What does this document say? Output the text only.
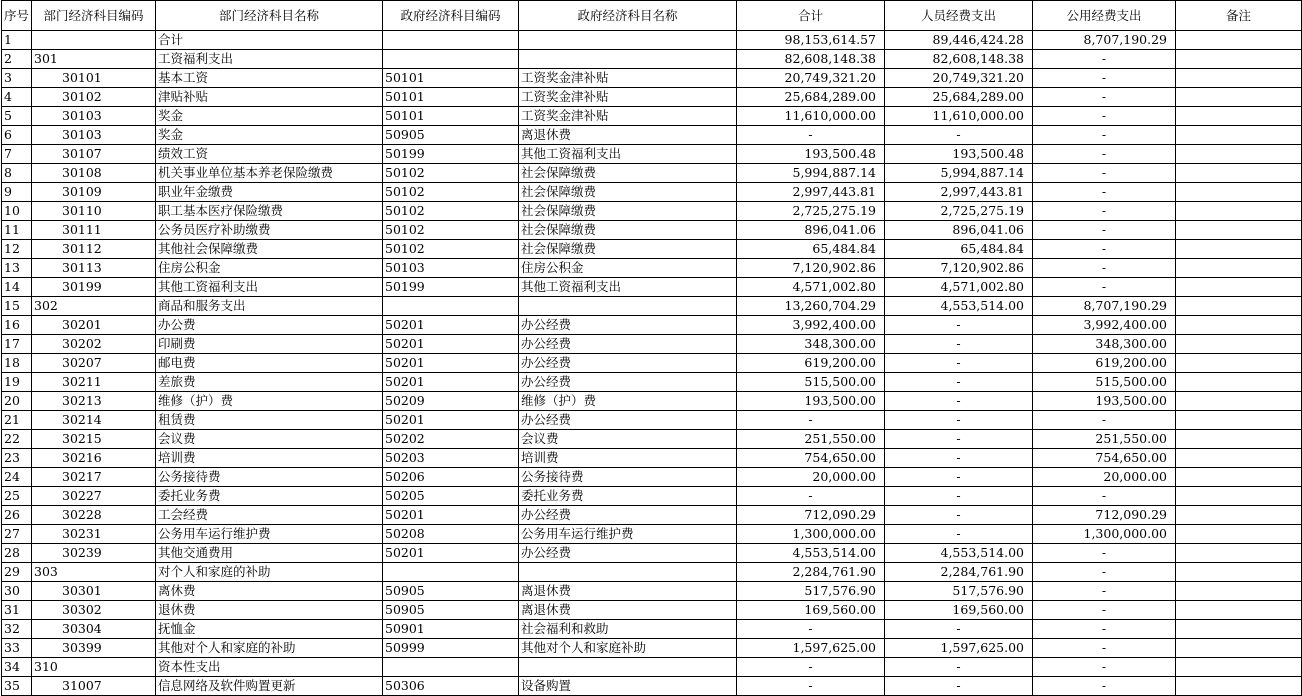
序号	部门经济科目编码	部门经济科目名称	政府经济科目编码	政府经济科目名称	合计	人员经费支出	公用经费支出	备注
1		合计			98,153,614.57	89,446,424.28	8,707,190.29	
2	301	工资福利支出			82,608,148.38	82,608,148.38	-	
3	30101	基本工资	50101	工资奖金津补贴	20,749,321.20	20,749,321.20	-	
4	30102	津贴补贴	50101	工资奖金津补贴	25,684,289.00	25,684,289.00	-	
5	30103	奖金	50101	工资奖金津补贴	11,610,000.00	11,610,000.00	-	
6	30103	奖金	50905	离退休费	-	-	-	
7	30107	绩效工资	50199	其他工资福利支出	193,500.48	193,500.48	-	
8	30108	机关事业单位基本养老保险缴费	50102	社会保障缴费	5,994,887.14	5,994,887.14	-	
9	30109	职业年金缴费	50102	社会保障缴费	2,997,443.81	2,997,443.81	-	
10	30110	职工基本医疗保险缴费	50102	社会保障缴费	2,725,275.19	2,725,275.19	-	
11	30111	公务员医疗补助缴费	50102	社会保障缴费	896,041.06	896,041.06	-	
12	30112	其他社会保障缴费	50102	社会保障缴费	65,484.84	65,484.84	-	
13	30113	住房公积金	50103	住房公积金	7,120,902.86	7,120,902.86	-	
14	30199	其他工资福利支出	50199	其他工资福利支出	4,571,002.80	4,571,002.80	-	
15	302	商品和服务支出			13,260,704.29	4,553,514.00	8,707,190.29	
16	30201	办公费	50201	办公经费	3,992,400.00	-	3,992,400.00	
17	30202	印刷费	50201	办公经费	348,300.00	-	348,300.00	
18	30207	邮电费	50201	办公经费	619,200.00	-	619,200.00	
19	30211	差旅费	50201	办公经费	515,500.00	-	515,500.00	
20	30213	维修（护）费	50209	维修（护）费	193,500.00	-	193,500.00	
21	30214	租赁费	50201	办公经费	-	-	-	
22	30215	会议费	50202	会议费	251,550.00	-	251,550.00	
23	30216	培训费	50203	培训费	754,650.00	-	754,650.00	
24	30217	公务接待费	50206	公务接待费	20,000.00	-	20,000.00	
25	30227	委托业务费	50205	委托业务费	-	-	-	
26	30228	工会经费	50201	办公经费	712,090.29	-	712,090.29	
27	30231	公务用车运行维护费	50208	公务用车运行维护费	1,300,000.00	-	1,300,000.00	
28	30239	其他交通费用	50201	办公经费	4,553,514.00	4,553,514.00	-	
29	303	对个人和家庭的补助			2,284,761.90	2,284,761.90	-	
30	30301	离休费	50905	离退休费	517,576.90	517,576.90	-	
31	30302	退休费	50905	离退休费	169,560.00	169,560.00	-	
32	30304	抚恤金	50901	社会福利和救助	-	-	-	
33	30399	其他对个人和家庭的补助	50999	其他对个人和家庭补助	1,597,625.00	1,597,625.00	-	
34	310	资本性支出			-	-	-	
35	31007	信息网络及软件购置更新	50306	设备购置	-	-	-	
